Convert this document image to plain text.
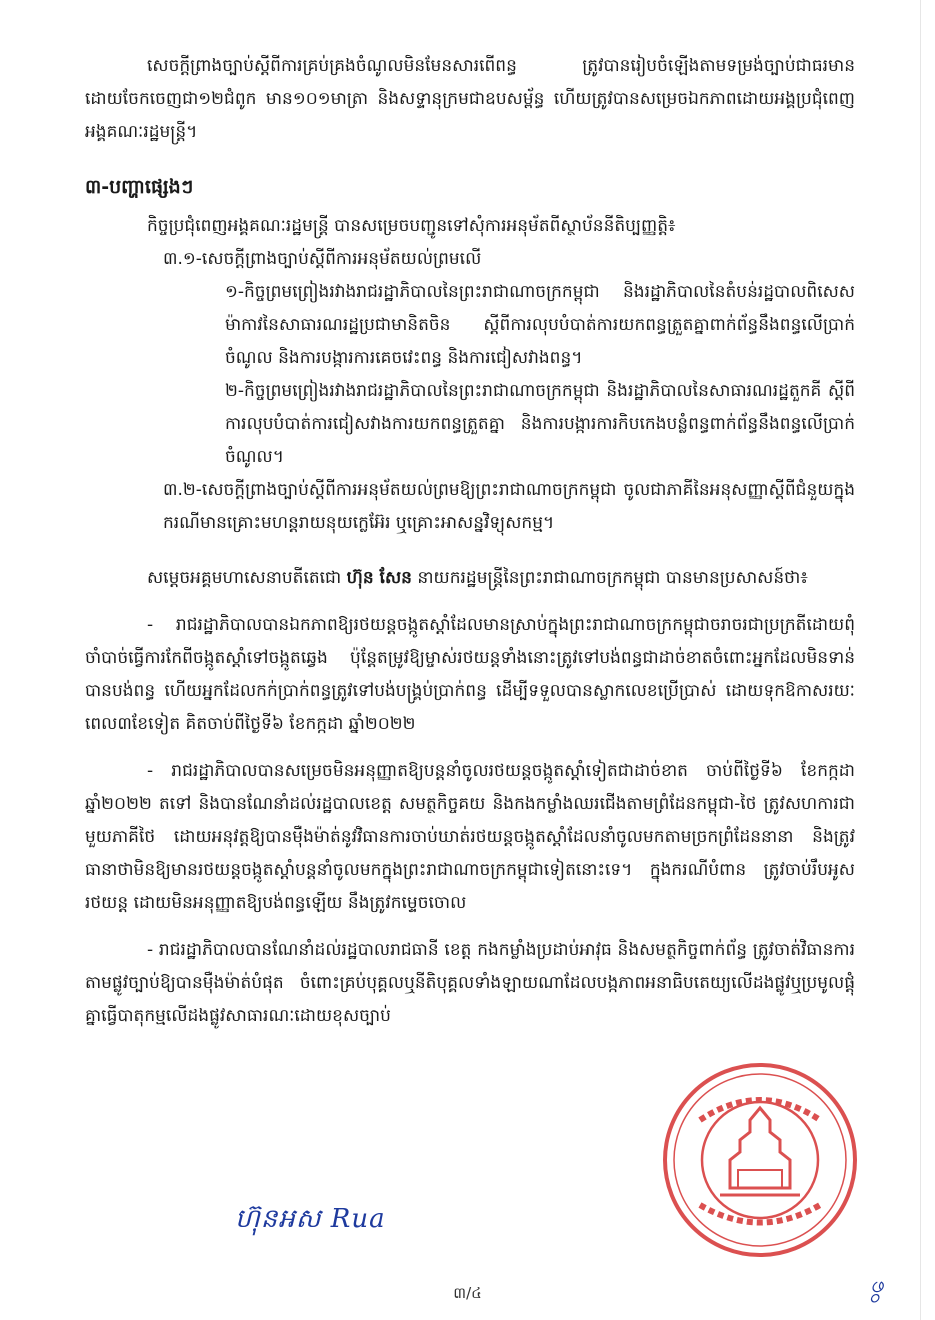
សេចក្តីព្រាងច្បាប់ស្តីពីការគ្រប់គ្រងចំណូលមិនមែនសារពើពន្ធ ត្រូវបានរៀបចំឡើងតាមទម្រង់ច្បាប់ជាធរមាន ដោយចែកចេញជា១២ជំពូក មាន១០១មាត្រា និងសទ្ទានុក្រមជាឧបសម្ព័ន្ធ ហើយត្រូវបានសម្រេចឯកភាពដោយអង្គប្រជុំពេញអង្គគណៈរដ្ឋមន្ត្រី។

៣-បញ្ហាផ្សេងៗ

កិច្ចប្រជុំពេញអង្គគណៈរដ្ឋមន្ត្រី បានសម្រេចបញ្ជូនទៅសុំការអនុម័តពីស្ថាប័ននីតិប្បញ្ញត្តិ៖

៣.១-សេចក្តីព្រាងច្បាប់ស្តីពីការអនុម័តយល់ព្រមលើ

១-កិច្ចព្រមព្រៀងរវាងរាជរដ្ឋាភិបាលនៃព្រះរាជាណាចក្រកម្ពុជា និងរដ្ឋាភិបាលនៃតំបន់រដ្ឋបាលពិសេសម៉ាកាវនៃសាធារណរដ្ឋប្រជាមានិតចិន ស្តីពីការលុបបំបាត់ការយកពន្ធត្រួតគ្នាពាក់ព័ន្ធនឹងពន្ធលើប្រាក់ចំណូល និងការបង្ការការគេចវេះពន្ធ និងការជៀសវាងពន្ធ។

២-កិច្ចព្រមព្រៀងរវាងរាជរដ្ឋាភិបាលនៃព្រះរាជាណាចក្រកម្ពុជា និងរដ្ឋាភិបាលនៃសាធារណរដ្ឋតួកគី ស្តីពីការលុបបំបាត់ការជៀសវាងការយកពន្ធត្រួតគ្នា និងការបង្ការការកិបកេងបន្លំពន្ធពាក់ព័ន្ធនឹងពន្ធលើប្រាក់ចំណូល។

៣.២-សេចក្តីព្រាងច្បាប់ស្តីពីការអនុម័តយល់ព្រមឱ្យព្រះរាជាណាចក្រកម្ពុជា ចូលជាភាគីនៃអនុសញ្ញាស្តីពីជំនួយក្នុងករណីមានគ្រោះមហន្តរាយនុយក្លេអ៊ែរ ឬគ្រោះអាសន្នវិទ្យុសកម្ម។

សម្តេចអគ្គមហាសេនាបតីតេជោ ហ៊ុន សែន នាយករដ្ឋមន្ត្រីនៃព្រះរាជាណាចក្រកម្ពុជា បានមានប្រសាសន៍ថា៖

- រាជរដ្ឋាភិបាលបានឯកភាពឱ្យរថយន្តចង្កូតស្តាំដែលមានស្រាប់ក្នុងព្រះរាជាណាចក្រកម្ពុជាចរាចរជាប្រក្រតីដោយពុំចាំបាច់ធ្វើការកែពីចង្កូតស្តាំទៅចង្កូតឆ្វេង ប៉ុន្តែតម្រូវឱ្យម្ចាស់រថយន្តទាំងនោះត្រូវទៅបង់ពន្ធជាដាច់ខាតចំពោះអ្នកដែលមិនទាន់បានបង់ពន្ធ ហើយអ្នកដែលកក់ប្រាក់ពន្ធត្រូវទៅបង់បង្គ្រប់ប្រាក់ពន្ធ ដើម្បីទទួលបានស្លាកលេខប្រើប្រាស់ ដោយទុកឱកាសរយៈពេល៣ខែទៀត គិតចាប់ពីថ្ងៃទី៦ ខែកក្កដា ឆ្នាំ២០២២

- រាជរដ្ឋាភិបាលបានសម្រេចមិនអនុញ្ញាតឱ្យបន្តនាំចូលរថយន្តចង្កូតស្តាំទៀតជាដាច់ខាត ចាប់ពីថ្ងៃទី៦ ខែកក្កដា ឆ្នាំ២០២២ តទៅ និងបានណែនាំដល់រដ្ឋបាលខេត្ត សមត្ថកិច្ចគយ និងកងកម្លាំងឈរជើងតាមព្រំដែនកម្ពុជា-ថៃ ត្រូវសហការជាមួយភាគីថៃ ដោយអនុវត្តឱ្យបានម៉ឺងម៉ាត់នូវវិធានការចាប់ឃាត់រថយន្តចង្កូតស្តាំដែលនាំចូលមកតាមច្រកព្រំដែននានា និងត្រូវធានាថាមិនឱ្យមានរថយន្តចង្កូតស្តាំបន្តនាំចូលមកក្នុងព្រះរាជាណាចក្រកម្ពុជាទៀតនោះទេ។ ក្នុងករណីបំពាន ត្រូវចាប់រឹបអូសរថយន្ត ដោយមិនអនុញ្ញាតឱ្យបង់ពន្ធឡើយ នឹងត្រូវកម្ទេចចោល

- រាជរដ្ឋាភិបាលបានណែនាំដល់រដ្ឋបាលរាជធានី ខេត្ត កងកម្លាំងប្រដាប់អាវុធ និងសមត្ថកិច្ចពាក់ព័ន្ធ ត្រូវចាត់វិធានការតាមផ្លូវច្បាប់ឱ្យបានម៉ឺងម៉ាត់បំផុត ចំពោះគ្រប់បុគ្គលឬនីតិបុគ្គលទាំងឡាយណាដែលបង្កភាពអនាធិបតេយ្យលើដងផ្លូវឬប្រមូលផ្តុំគ្នាធ្វើបាតុកម្មលើដងផ្លូវសាធារណៈដោយខុសច្បាប់

ហ៊ុនអស Rua
៣/៤	ဖွ
